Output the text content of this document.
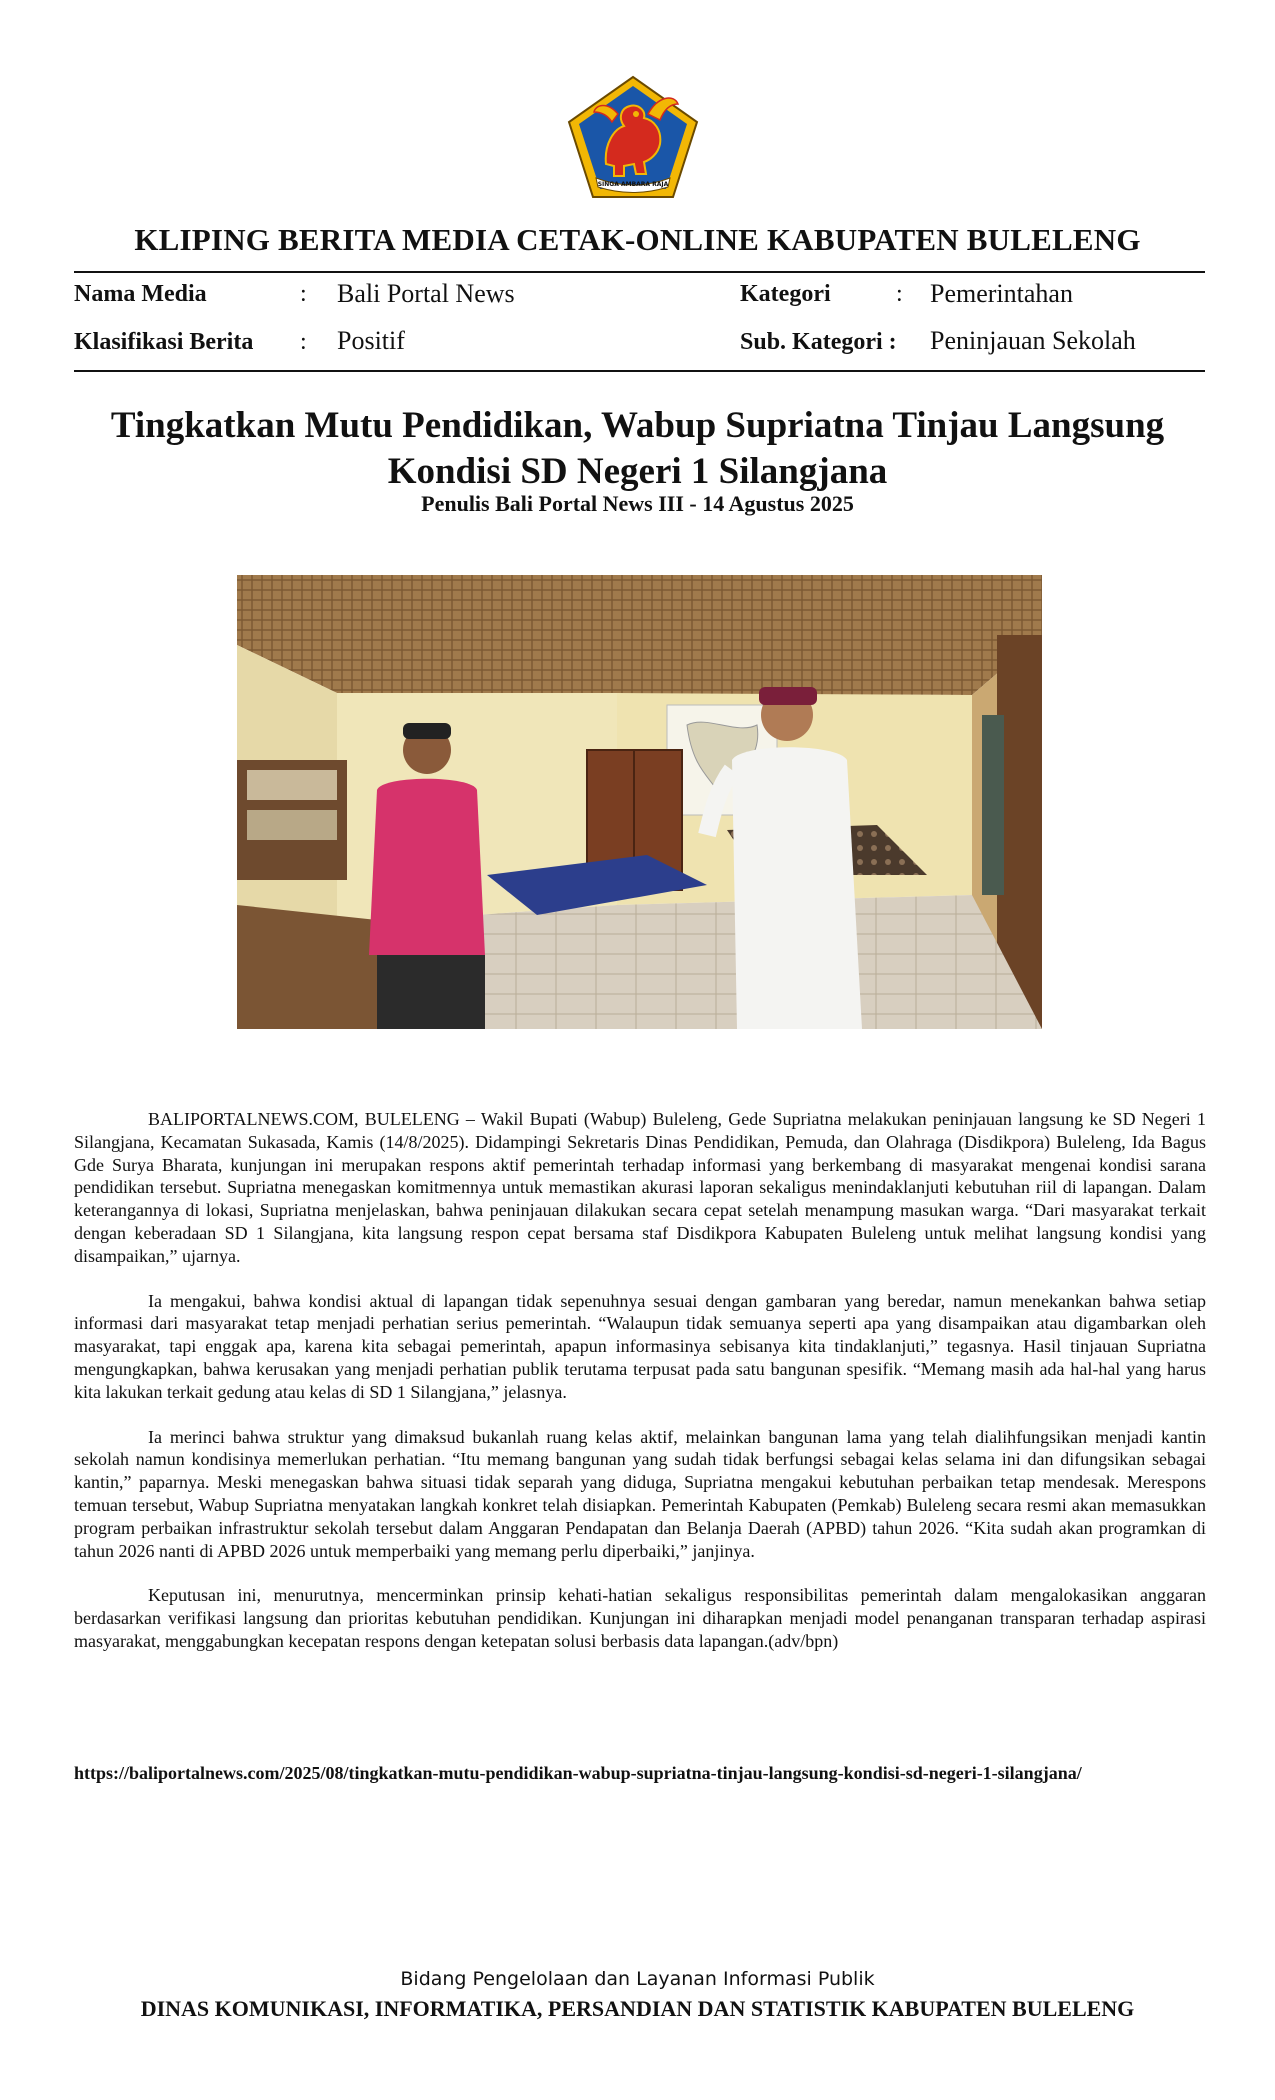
SINGA AMBARA RAJA
KLIPING BERITA MEDIA CETAK-ONLINE KABUPATEN BULELENG
Nama Media	: Bali Portal News	Kategori	: Pemerintahan
Klasifikasi Berita : Positif	Sub. Kategori : Peninjauan Sekolah
Tingkatkan Mutu Pendidikan, Wabup Supriatna Tinjau Langsung Kondisi SD Negeri 1 Silangjana
Penulis Bali Portal News III - 14 Agustus 2025

BALIPORTALNEWS.COM, BULELENG – Wakil Bupati (Wabup) Buleleng, Gede Supriatna melakukan peninjauan langsung ke SD Negeri 1 Silangjana, Kecamatan Sukasada, Kamis (14/8/2025). Didampingi Sekretaris Dinas Pendidikan, Pemuda, dan Olahraga (Disdikpora) Buleleng, Ida Bagus Gde Surya Bharata, kunjungan ini merupakan respons aktif pemerintah terhadap informasi yang berkembang di masyarakat mengenai kondisi sarana pendidikan tersebut. Supriatna menegaskan komitmennya untuk memastikan akurasi laporan sekaligus menindaklanjuti kebutuhan riil di lapangan. Dalam keterangannya di lokasi, Supriatna menjelaskan, bahwa peninjauan dilakukan secara cepat setelah menampung masukan warga. “Dari masyarakat terkait dengan keberadaan SD 1 Silangjana, kita langsung respon cepat bersama staf Disdikpora Kabupaten Buleleng untuk melihat langsung kondisi yang disampaikan,” ujarnya.

Ia mengakui, bahwa kondisi aktual di lapangan tidak sepenuhnya sesuai dengan gambaran yang beredar, namun menekankan bahwa setiap informasi dari masyarakat tetap menjadi perhatian serius pemerintah. “Walaupun tidak semuanya seperti apa yang disampaikan atau digambarkan oleh masyarakat, tapi enggak apa, karena kita sebagai pemerintah, apapun informasinya sebisanya kita tindaklanjuti,” tegasnya. Hasil tinjauan Supriatna mengungkapkan, bahwa kerusakan yang menjadi perhatian publik terutama terpusat pada satu bangunan spesifik. “Memang masih ada hal-hal yang harus kita lakukan terkait gedung atau kelas di SD 1 Silangjana,” jelasnya.

Ia merinci bahwa struktur yang dimaksud bukanlah ruang kelas aktif, melainkan bangunan lama yang telah dialihfungsikan menjadi kantin sekolah namun kondisinya memerlukan perhatian. “Itu memang bangunan yang sudah tidak berfungsi sebagai kelas selama ini dan difungsikan sebagai kantin,” paparnya. Meski menegaskan bahwa situasi tidak separah yang diduga, Supriatna mengakui kebutuhan perbaikan tetap mendesak. Merespons temuan tersebut, Wabup Supriatna menyatakan langkah konkret telah disiapkan. Pemerintah Kabupaten (Pemkab) Buleleng secara resmi akan memasukkan program perbaikan infrastruktur sekolah tersebut dalam Anggaran Pendapatan dan Belanja Daerah (APBD) tahun 2026. “Kita sudah akan programkan di tahun 2026 nanti di APBD 2026 untuk memperbaiki yang memang perlu diperbaiki,” janjinya.

Keputusan ini, menurutnya, mencerminkan prinsip kehati-hatian sekaligus responsibilitas pemerintah dalam mengalokasikan anggaran berdasarkan verifikasi langsung dan prioritas kebutuhan pendidikan. Kunjungan ini diharapkan menjadi model penanganan transparan terhadap aspirasi masyarakat, menggabungkan kecepatan respons dengan ketepatan solusi berbasis data lapangan.(adv/bpn)

https://baliportalnews.com/2025/08/tingkatkan-mutu-pendidikan-wabup-supriatna-tinjau-langsung-kondisi-sd-negeri-1-silangjana/
Bidang Pengelolaan dan Layanan Informasi Publik
DINAS KOMUNIKASI, INFORMATIKA, PERSANDIAN DAN STATISTIK KABUPATEN BULELENG
